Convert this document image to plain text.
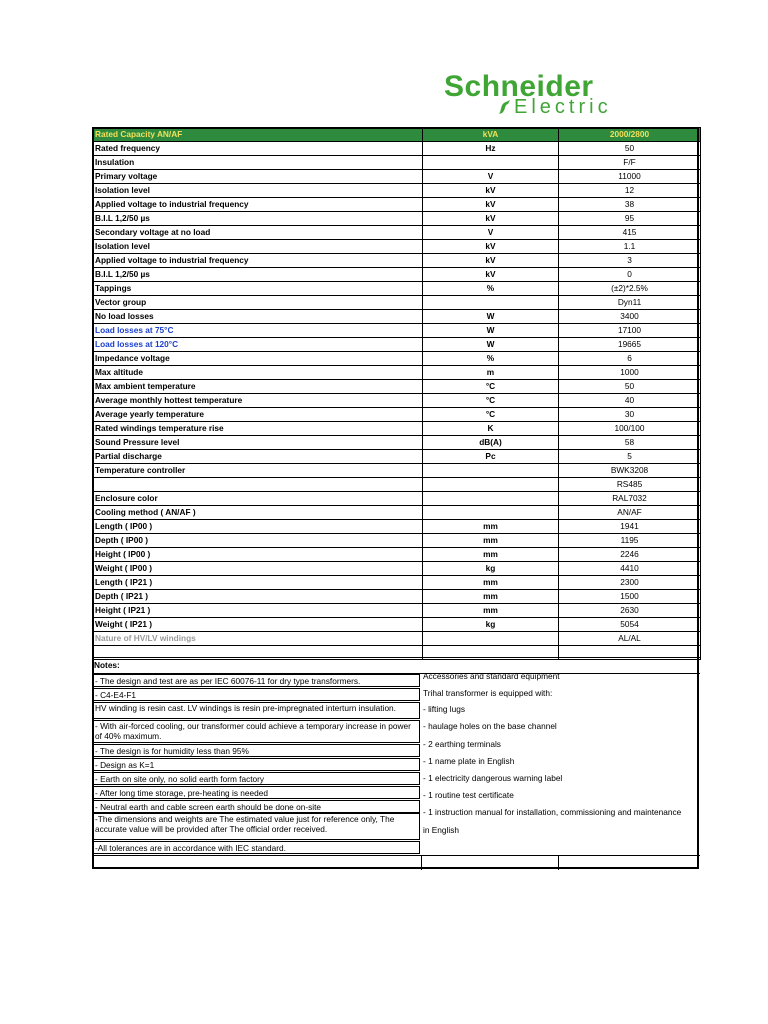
Schneider
Electric
Rated Capacity AN/AF	kVA	2000/2800
Rated frequency	Hz	50
Insulation		F/F
Primary voltage	V	11000
Isolation level	kV	12
Applied voltage to industrial frequency	kV	38
B.I.L 1,2/50 µs	kV	95
Secondary voltage at no load	V	415
Isolation level	kV	1.1
Applied voltage to industrial frequency	kV	3
B.I.L 1,2/50 µs	kV	0
Tappings	%	(±2)*2.5%
Vector group		Dyn11
No load losses	W	3400
Load losses at 75°C	W	17100
Load losses at 120°C	W	19665
Impedance voltage	%	6
Max altitude	m	1000
Max ambient temperature	°C	50
Average monthly hottest temperature	°C	40
Average yearly temperature	°C	30
Rated windings temperature rise	K	100/100
Sound Pressure level	dB(A)	58
Partial discharge	Pc	5
Temperature controller		BWK3208
		RS485
Enclosure color		RAL7032
Cooling method ( AN/AF )		AN/AF
Length ( IP00 )	mm	1941
Depth ( IP00 )	mm	1195
Height ( IP00 )	mm	2246
Weight ( IP00 )	kg	4410
Length ( IP21 )	mm	2300
Depth ( IP21 )	mm	1500
Height ( IP21 )	mm	2630
Weight ( IP21 )	kg	5054
Nature of HV/LV windings		AL/AL

Notes:
- The design and test are as per IEC 60076-11 for dry type transformers.
- C4-E4-F1
HV winding is resin cast. LV windings is resin pre-impregnated interturn insulation.
- With air-forced cooling, our transformer could achieve a temporary increase in power of 40% maximum.
- The design is for humidity less than 95%
- Design as K=1
- Earth on site only, no solid earth form factory
- After long time storage, pre-heating is needed
- Neutral earth and cable screen earth should be done on-site
-The dimensions and weights are The estimated value just for reference only, The accurate value will be provided after The official order received.
-All tolerances are in accordance with IEC standard.
Accessories and standard equipment
Trihal transformer is equipped with:
- lifting lugs
- haulage holes on the base channel
- 2 earthing terminals
- 1 name plate in English
- 1 electricity dangerous warning label
- 1 routine test certificate
- 1 instruction manual for installation, commissioning and maintenance
in English
